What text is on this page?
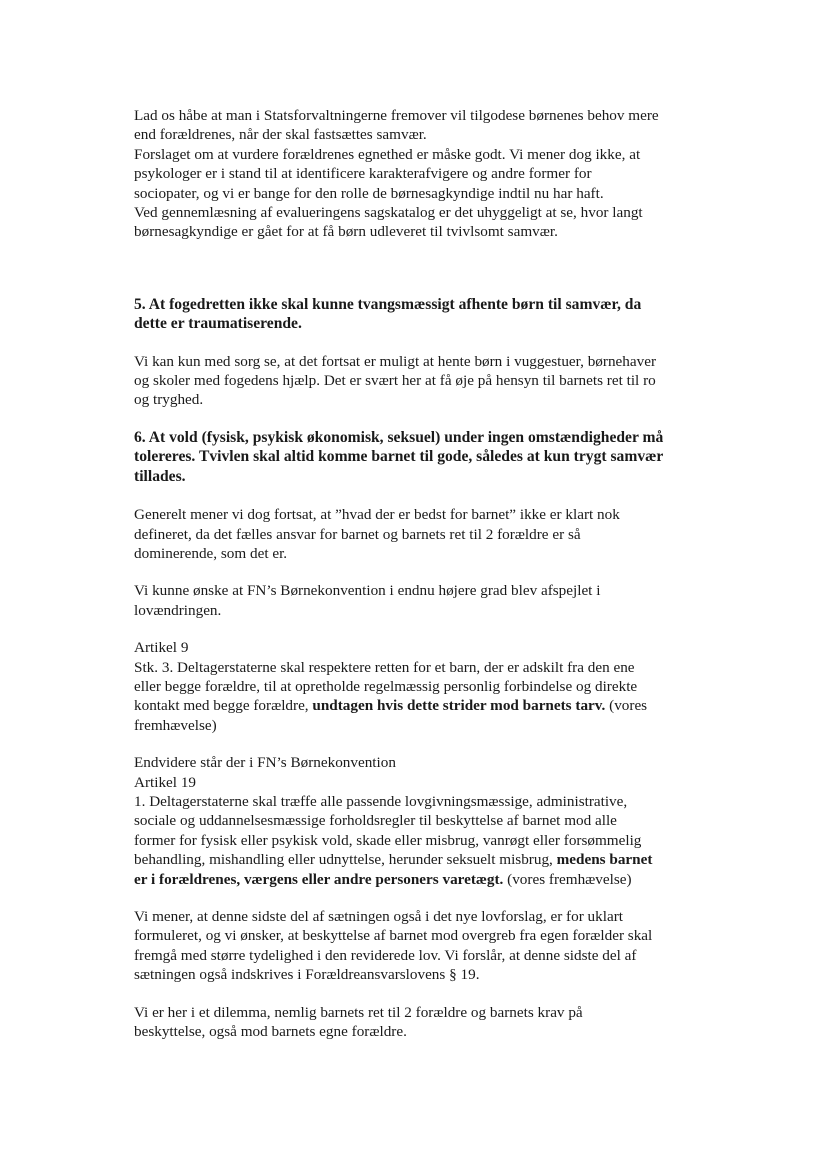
Lad os håbe at man i Statsforvaltningerne fremover vil tilgodese børnenes behov mere
end forældrenes, når der skal fastsættes samvær.
Forslaget om at vurdere forældrenes egnethed er måske godt. Vi mener dog ikke, at
psykologer er i stand til at identificere karakterafvigere og andre former for
sociopater, og vi er bange for den rolle de børnesagkyndige indtil nu har haft.
Ved gennemlæsning af evalueringens sagskatalog er det uhyggeligt at se, hvor langt
børnesagkyndige er gået for at få børn udleveret til tvivlsomt samvær.

5. At fogedretten ikke skal kunne tvangsmæssigt afhente børn til samvær, da
dette er traumatiserende.

Vi kan kun med sorg se, at det fortsat er muligt at hente børn i vuggestuer, børnehaver
og skoler med fogedens hjælp. Det er svært her at få øje på hensyn til barnets ret til ro
og tryghed.

6. At vold (fysisk, psykisk økonomisk, seksuel) under ingen omstændigheder må
tolereres. Tvivlen skal altid komme barnet til gode, således at kun trygt samvær
tillades.

Generelt mener vi dog fortsat, at ”hvad der er bedst for barnet” ikke er klart nok
defineret, da det fælles ansvar for barnet og barnets ret til 2 forældre er så
dominerende, som det er.

Vi kunne ønske at FN’s Børnekonvention i endnu højere grad blev afspejlet i
lovændringen.

Artikel 9
Stk. 3. Deltagerstaterne skal respektere retten for et barn, der er adskilt fra den ene
eller begge forældre, til at opretholde regelmæssig personlig forbindelse og direkte
kontakt med begge forældre, undtagen hvis dette strider mod barnets tarv. (vores
fremhævelse)

Endvidere står der i FN’s Børnekonvention
Artikel 19
1. Deltagerstaterne skal træffe alle passende lovgivningsmæssige, administrative,
sociale og uddannelsesmæssige forholdsregler til beskyttelse af barnet mod alle
former for fysisk eller psykisk vold, skade eller misbrug, vanrøgt eller forsømmelig
behandling, mishandling eller udnyttelse, herunder seksuelt misbrug, medens barnet
er i forældrenes, værgens eller andre personers varetægt. (vores fremhævelse)

Vi mener, at denne sidste del af sætningen også i det nye lovforslag, er for uklart
formuleret, og vi ønsker, at beskyttelse af barnet mod overgreb fra egen forælder skal
fremgå med større tydelighed i den reviderede lov. Vi forslår, at denne sidste del af
sætningen også indskrives i Forældreansvarslovens § 19.

Vi er her i et dilemma, nemlig barnets ret til 2 forældre og barnets krav på
beskyttelse, også mod barnets egne forældre.
